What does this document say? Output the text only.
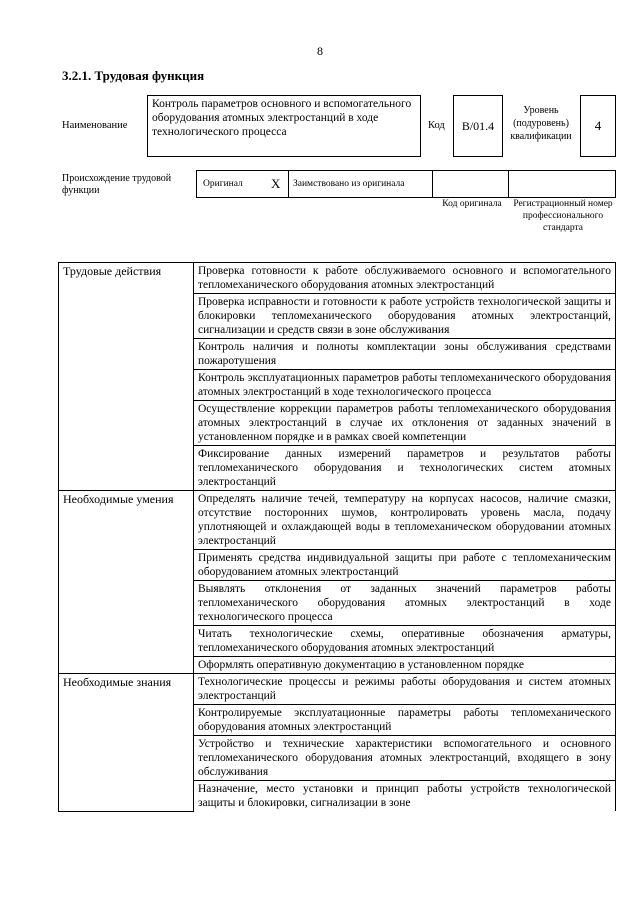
8
3.2.1. Трудовая функция
Наименование
Контроль параметров основного и вспомогательного оборудования атомных электростанций в ходе технологического процесса
Код	B/01.4
Уровень (подуровень) квалификации
4
Происхождение трудовой функции
Оригинал X Заимствовано из оригинала
Код оригинала	Регистрационный номер профессионального стандарта
Трудовые действия	Проверка готовности к работе обслуживаемого основного и вспомогательного тепломеханического оборудования атомных электростанций
	Проверка исправности и готовности к работе устройств технологической защиты и блокировки тепломеханического оборудования атомных электростанций, сигнализации и средств связи в зоне обслуживания
	Контроль наличия и полноты комплектации зоны обслуживания средствами пожаротушения
	Контроль эксплуатационных параметров работы тепломеханического оборудования атомных электростанций в ходе технологического процесса
	Осуществление коррекции параметров работы тепломеханического оборудования атомных электростанций в случае их отклонения от заданных значений в установленном порядке и в рамках своей компетенции
	Фиксирование данных измерений параметров и результатов работы тепломеханического оборудования и технологических систем атомных электростанций
Необходимые умения	Определять наличие течей, температуру на корпусах насосов, наличие смазки, отсутствие посторонних шумов, контролировать уровень масла, подачу уплотняющей и охлаждающей воды в тепломеханическом оборудовании атомных электростанций
	Применять средства индивидуальной защиты при работе с тепломеханическим оборудованием атомных электростанций
	Выявлять отклонения от заданных значений параметров работы тепломеханического оборудования атомных электростанций в ходе технологического процесса
	Читать технологические схемы, оперативные обозначения арматуры, тепломеханического оборудования атомных электростанций
	Оформлять оперативную документацию в установленном порядке
Необходимые знания	Технологические процессы и режимы работы оборудования и систем атомных электростанций
	Контролируемые эксплуатационные параметры работы тепломеханического оборудования атомных электростанций
	Устройство и технические характеристики вспомогательного и основного тепломеханического оборудования атомных электростанций, входящего в зону обслуживания
	Назначение, место установки и принцип работы устройств технологической защиты и блокировки, сигнализации в зоне
